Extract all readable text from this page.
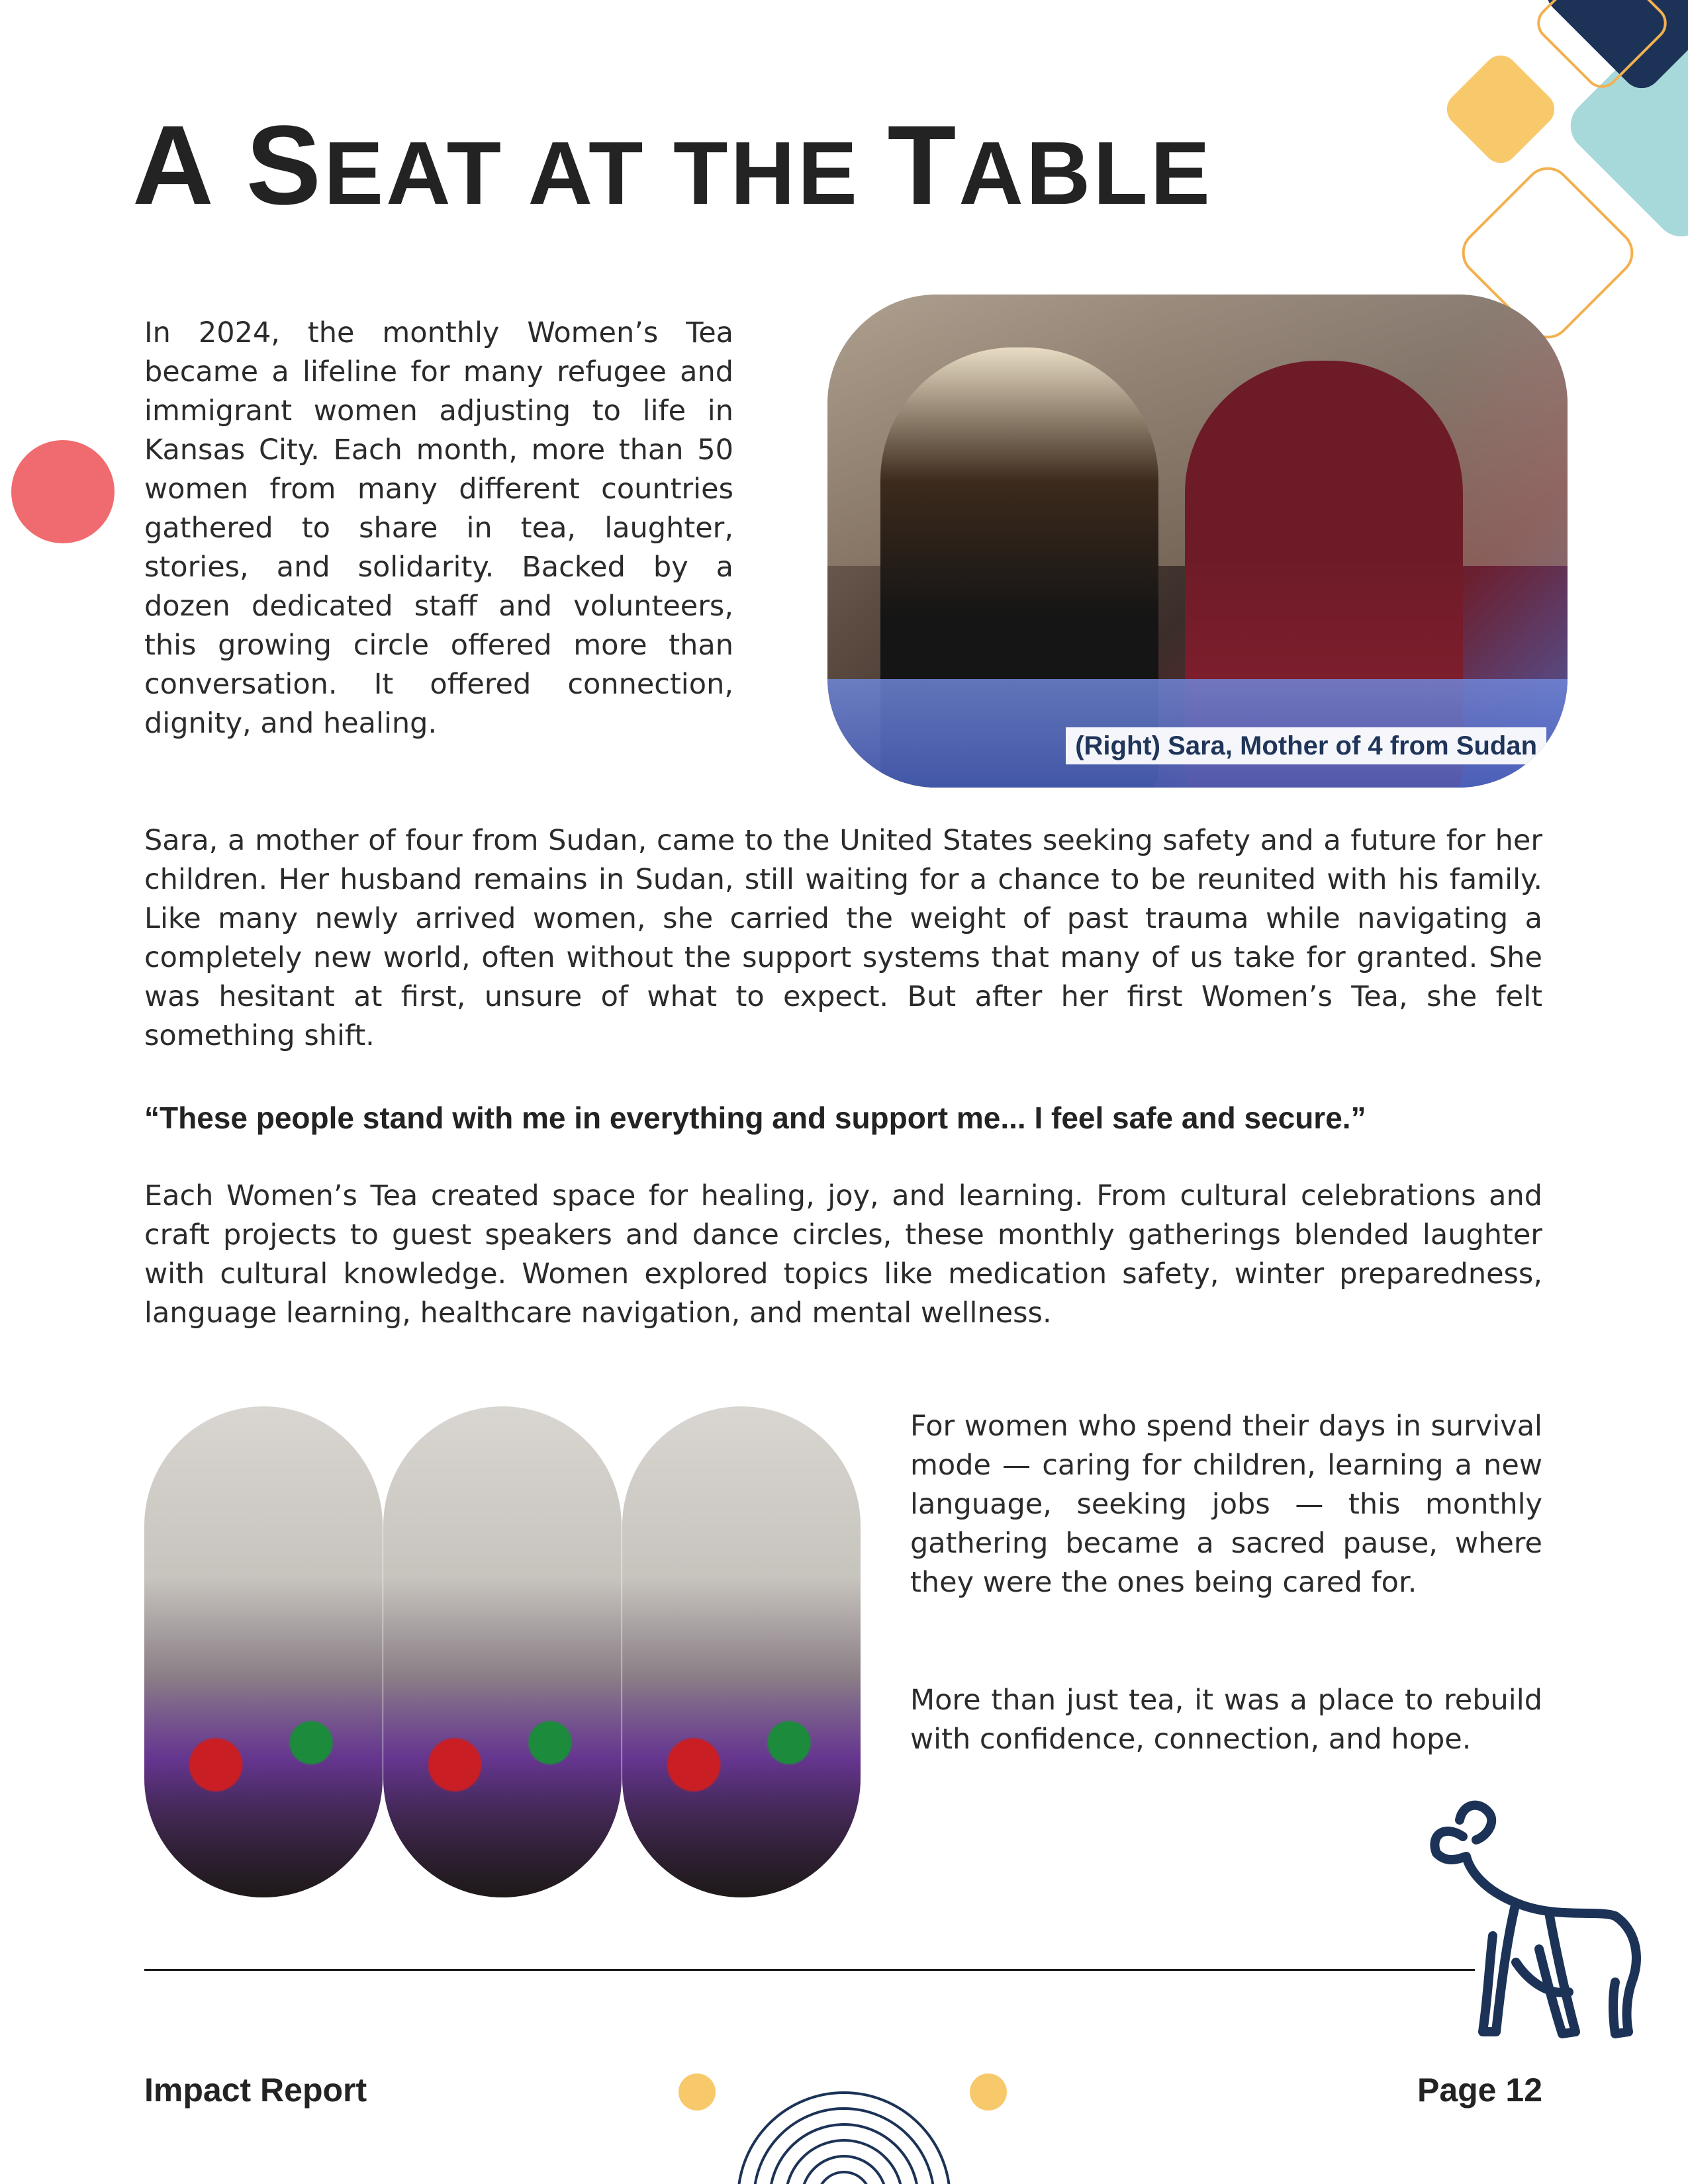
A SEAT AT THE TABLE

In 2024, the monthly Women’s Tea became a lifeline for many refugee and immigrant women adjusting to life in Kansas City. Each month, more than 50 women from many different countries gathered to share in tea, laughter, stories, and solidarity. Backed by a dozen dedicated staff and volunteers, this growing circle offered more than conversation. It offered connection, dignity, and healing.

(Right) Sara, Mother of 4 from Sudan

Sara, a mother of four from Sudan, came to the United States seeking safety and a future for her children. Her husband remains in Sudan, still waiting for a chance to be reunited with his family. Like many newly arrived women, she carried the weight of past trauma while navigating a completely new world, often without the support systems that many of us take for granted. She was hesitant at first, unsure of what to expect. But after her first Women’s Tea, she felt something shift.

“These people stand with me in everything and support me... I feel safe and secure.”

Each Women’s Tea created space for healing, joy, and learning. From cultural celebrations and craft projects to guest speakers and dance circles, these monthly gatherings blended laughter with cultural knowledge. Women explored topics like medication safety, winter preparedness, language learning, healthcare navigation, and mental wellness.

For women who spend their days in survival mode — caring for children, learning a new language, seeking jobs — this monthly gathering became a sacred pause, where they were the ones being cared for.

More than just tea, it was a place to rebuild with confidence, connection, and hope.

Impact Report	Page 12
